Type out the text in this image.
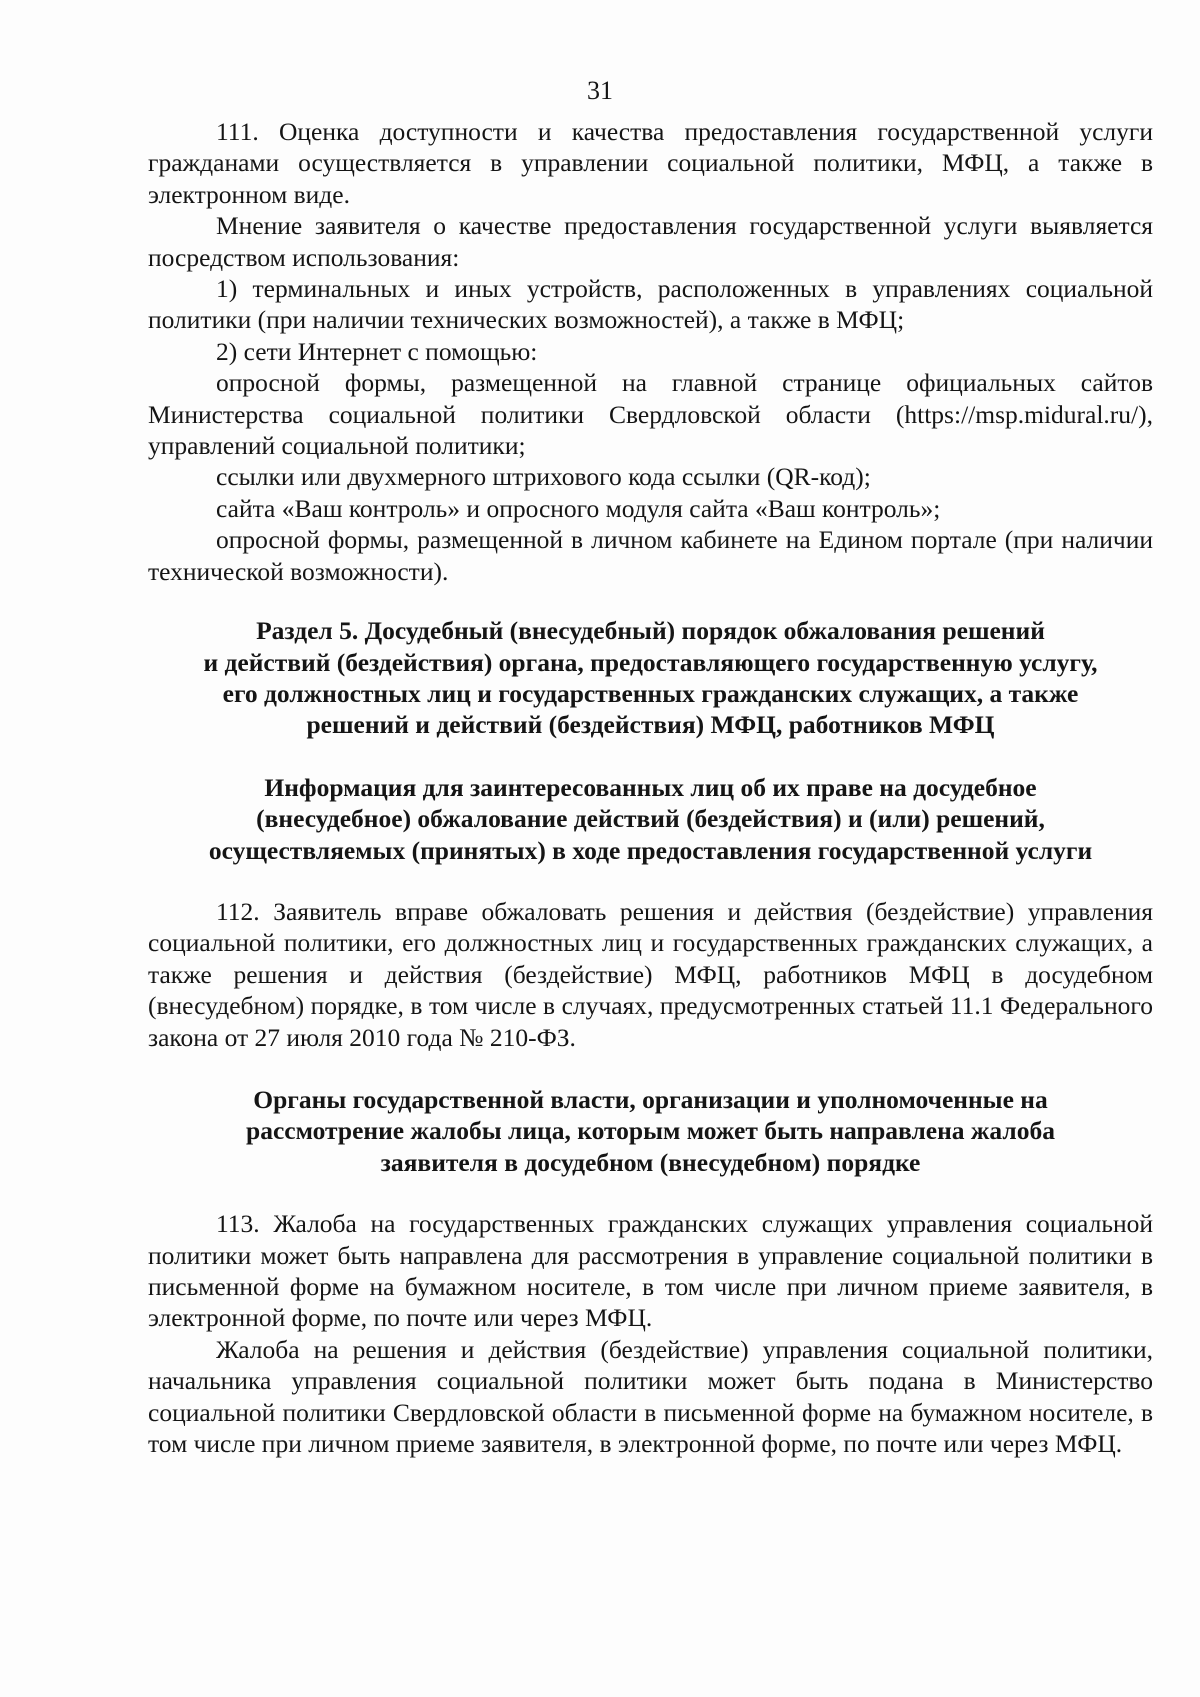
31

111. Оценка доступности и качества предоставления государственной услуги гражданами осуществляется в управлении социальной политики, МФЦ, а также в электронном виде.

Мнение заявителя о качестве предоставления государственной услуги выявляется посредством использования:

1) терминальных и иных устройств, расположенных в управлениях социальной политики (при наличии технических возможностей), а также в МФЦ;

2) сети Интернет с помощью:

опросной формы, размещенной на главной странице официальных сайтов Министерства социальной политики Свердловской области (https://msp.midural.ru/), управлений социальной политики;

ссылки или двухмерного штрихового кода ссылки (QR-код);

сайта «Ваш контроль» и опросного модуля сайта «Ваш контроль»;

опросной формы, размещенной в личном кабинете на Едином портале (при наличии технической возможности).

Раздел 5. Досудебный (внесудебный) порядок обжалования решений
и действий (бездействия) органа, предоставляющего государственную услугу,
его должностных лиц и государственных гражданских служащих, а также
решений и действий (бездействия) МФЦ, работников МФЦ
Информация для заинтересованных лиц об их праве на досудебное
(внесудебное) обжалование действий (бездействия) и (или) решений,
осуществляемых (принятых) в ходе предоставления государственной услуги

112. Заявитель вправе обжаловать решения и действия (бездействие) управления социальной политики, его должностных лиц и государственных гражданских служащих, а также решения и действия (бездействие) МФЦ, работников МФЦ в досудебном (внесудебном) порядке, в том числе в случаях, предусмотренных статьей 11.1 Федерального закона от 27 июля 2010 года № 210-ФЗ.

Органы государственной власти, организации и уполномоченные на
рассмотрение жалобы лица, которым может быть направлена жалоба
заявителя в досудебном (внесудебном) порядке

113. Жалоба на государственных гражданских служащих управления социальной политики может быть направлена для рассмотрения в управление социальной политики в письменной форме на бумажном носителе, в том числе при личном приеме заявителя, в электронной форме, по почте или через МФЦ.

Жалоба на решения и действия (бездействие) управления социальной политики, начальника управления социальной политики может быть подана в Министерство социальной политики Свердловской области в письменной форме на бумажном носителе, в том числе при личном приеме заявителя, в электронной форме, по почте или через МФЦ.
